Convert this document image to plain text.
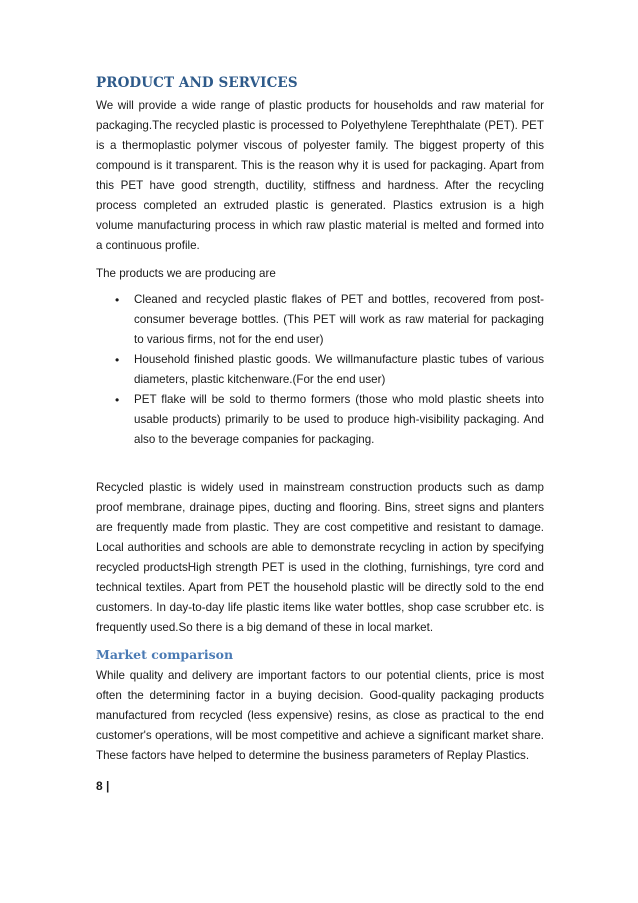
PRODUCT AND SERVICES

We will provide a wide range of plastic products for households and raw material for packaging.The recycled plastic is processed to Polyethylene Terephthalate (PET). PET is a thermoplastic polymer viscous of polyester family. The biggest property of this compound is it transparent. This is the reason why it is used for packaging. Apart from this PET have good strength, ductility, stiffness and hardness. After the recycling process completed an extruded plastic is generated. Plastics extrusion is a high volume manufacturing process in which raw plastic material is melted and formed into a continuous profile.

The products we are producing are

• Cleaned and recycled plastic flakes of PET and bottles, recovered from post-consumer beverage bottles. (This PET will work as raw material for packaging to various firms, not for the end user)
• Household finished plastic goods. We willmanufacture plastic tubes of various diameters, plastic kitchenware.(For the end user)
• PET flake will be sold to thermo formers (those who mold plastic sheets into usable products) primarily to be used to produce high-visibility packaging. And also to the beverage companies for packaging.

Recycled plastic is widely used in mainstream construction products such as damp proof membrane, drainage pipes, ducting and flooring. Bins, street signs and planters are frequently made from plastic. They are cost competitive and resistant to damage. Local authorities and schools are able to demonstrate recycling in action by specifying recycled productsHigh strength PET is used in the clothing, furnishings, tyre cord and technical textiles. Apart from PET the household plastic will be directly sold to the end customers. In day-to-day life plastic items like water bottles, shop case scrubber etc. is frequently used.So there is a big demand of these in local market.

Market comparison

While quality and delivery are important factors to our potential clients, price is most often the determining factor in a buying decision. Good-quality packaging products manufactured from recycled (less expensive) resins, as close as practical to the end customer's operations, will be most competitive and achieve a significant market share. These factors have helped to determine the business parameters of Replay Plastics.

8 |
